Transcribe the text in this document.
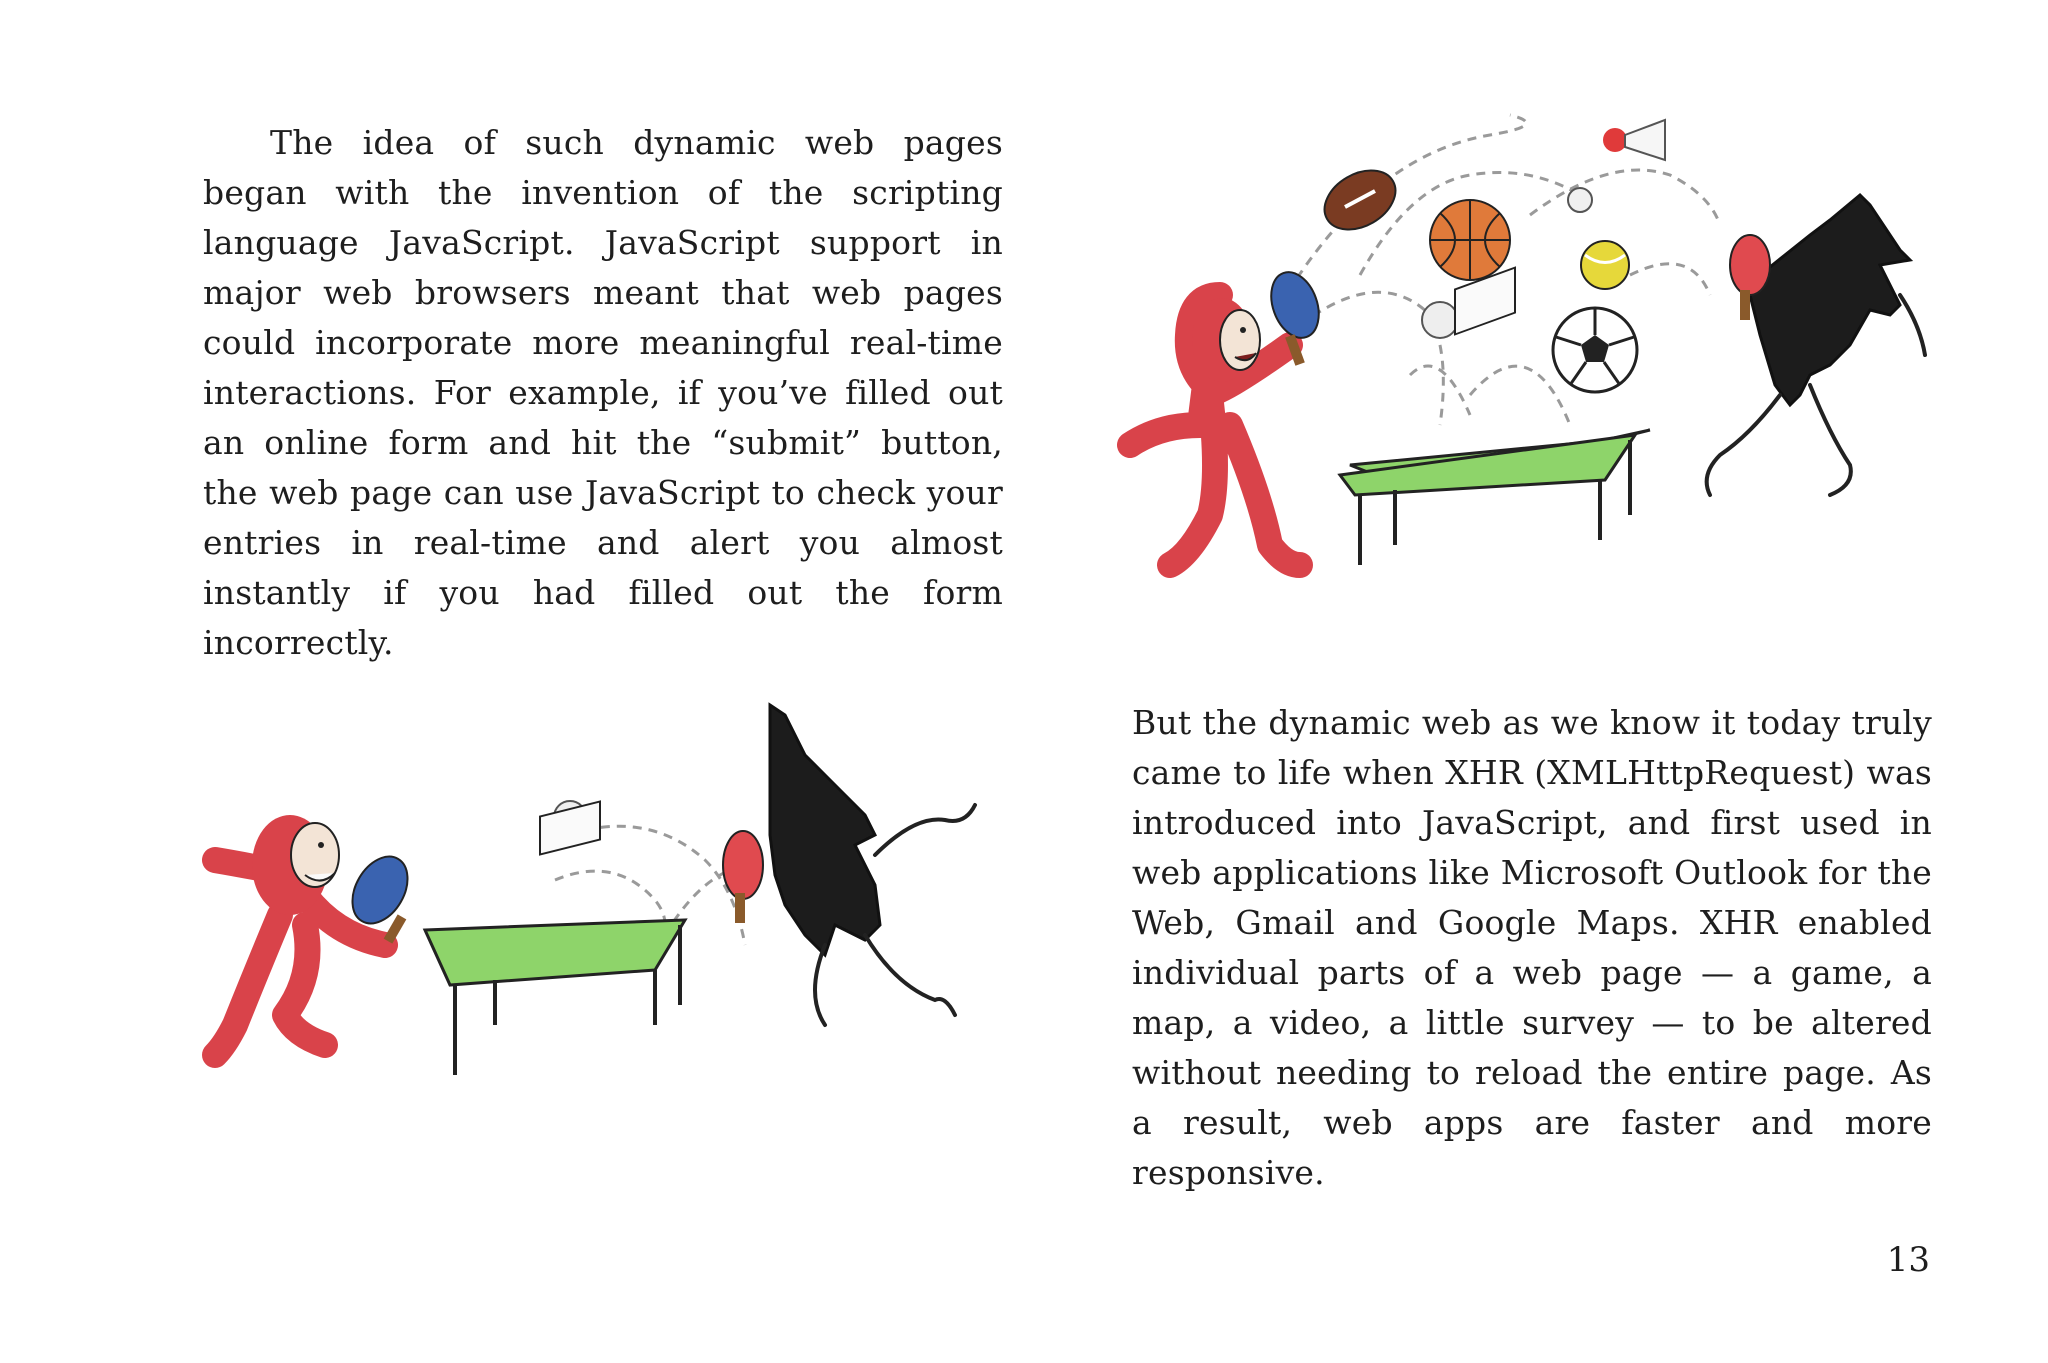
The idea of such dynamic web pages began with the invention of the scripting language JavaScript. JavaScript support in major web browsers meant that web pages could incorporate more meaningful real-time interactions. For example, if you’ve filled out an online form and hit the “submit” button, the web page can use JavaScript to check your entries in real-time and alert you almost instantly if you had filled out the form incorrectly.

But the dynamic web as we know it today truly came to life when XHR (XMLHttpRequest) was introduced into JavaScript, and first used in web applications like Microsoft Outlook for the Web, Gmail and Google Maps. XHR enabled individual parts of a web page — a game, a map, a video, a little survey — to be altered without needing to reload the entire page. As a result, web apps are faster and more responsive.

13
